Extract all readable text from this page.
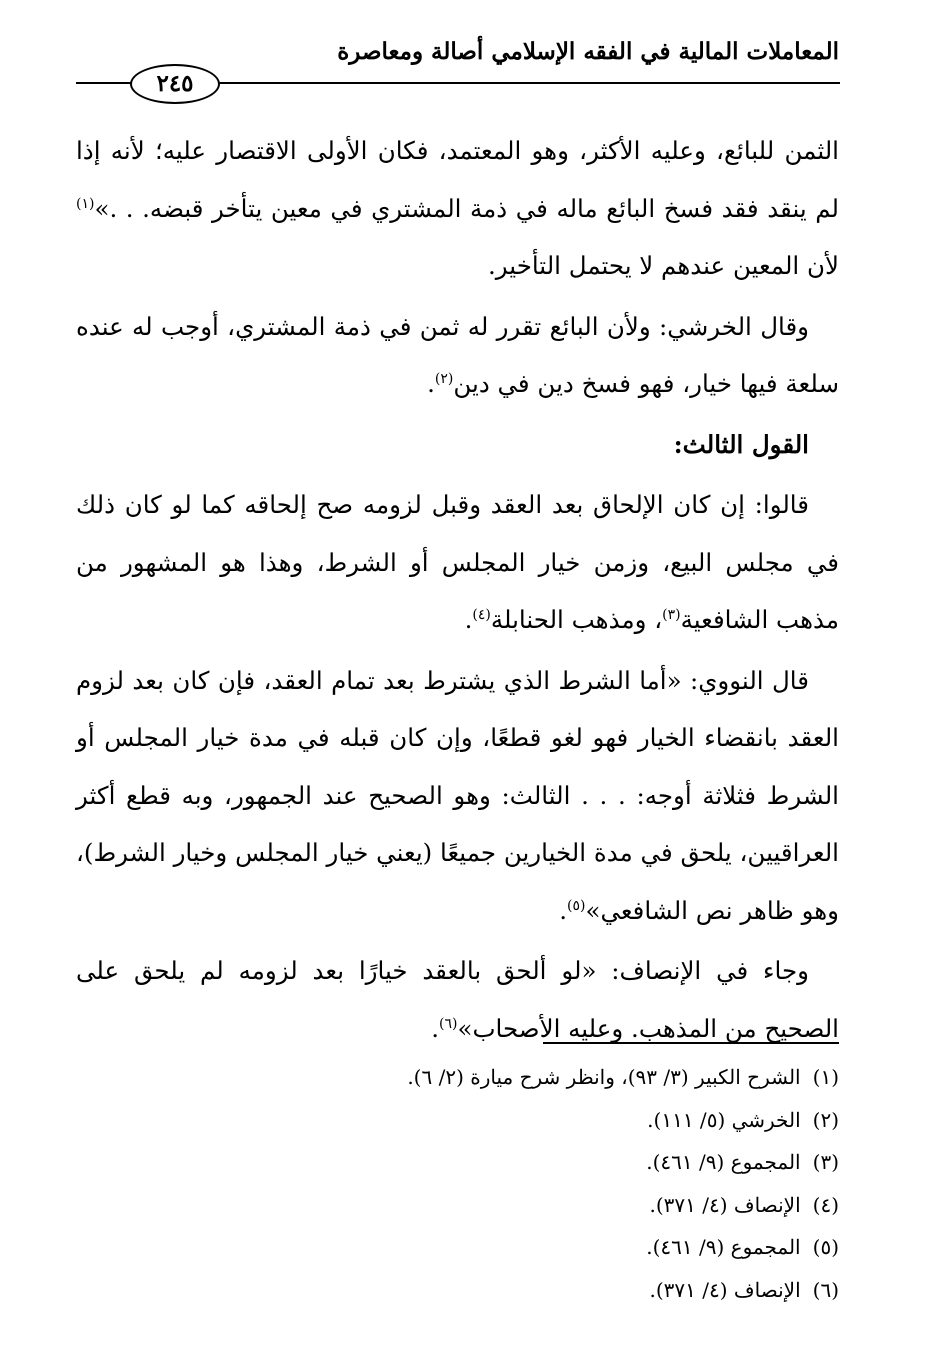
المعاملات المالية في الفقه الإسلامي أصالة ومعاصرة
٢٤٥

الثمن للبائع، وعليه الأكثر، وهو المعتمد، فكان الأولى الاقتصار عليه؛ لأنه إذا لم ينقد فقد فسخ البائع ماله في ذمة المشتري في معين يتأخر قبضه. . .»$^{(١)}$ لأن المعين عندهم لا يحتمل التأخير.

وقال الخرشي: ولأن البائع تقرر له ثمن في ذمة المشتري، أوجب له عنده سلعة فيها خيار، فهو فسخ دين في دين$^{(٢)}$.

القول الثالث:

قالوا: إن كان الإلحاق بعد العقد وقبل لزومه صح إلحاقه كما لو كان ذلك في مجلس البيع، وزمن خيار المجلس أو الشرط، وهذا هو المشهور من مذهب الشافعية$^{(٣)}$، ومذهب الحنابلة$^{(٤)}$.

قال النووي: «أما الشرط الذي يشترط بعد تمام العقد، فإن كان بعد لزوم العقد بانقضاء الخيار فهو لغو قطعًا، وإن كان قبله في مدة خيار المجلس أو الشرط فثلاثة أوجه: . . . الثالث: وهو الصحيح عند الجمهور، وبه قطع أكثر العراقيين، يلحق في مدة الخيارين جميعًا (يعني خيار المجلس وخيار الشرط)، وهو ظاهر نص الشافعي»$^{(٥)}$.

وجاء في الإنصاف: «لو ألحق بالعقد خيارًا بعد لزومه لم يلحق على الصحيح من المذهب. وعليه الأصحاب»$^{(٦)}$.

(١)الشرح الكبير (٣/ ٩٣)، وانظر شرح ميارة (٢/ ٦).
(٢)الخرشي (٥/ ١١١).
(٣)المجموع (٩/ ٤٦١).
(٤)الإنصاف (٤/ ٣٧١).
(٥)المجموع (٩/ ٤٦١).
(٦)الإنصاف (٤/ ٣٧١).
